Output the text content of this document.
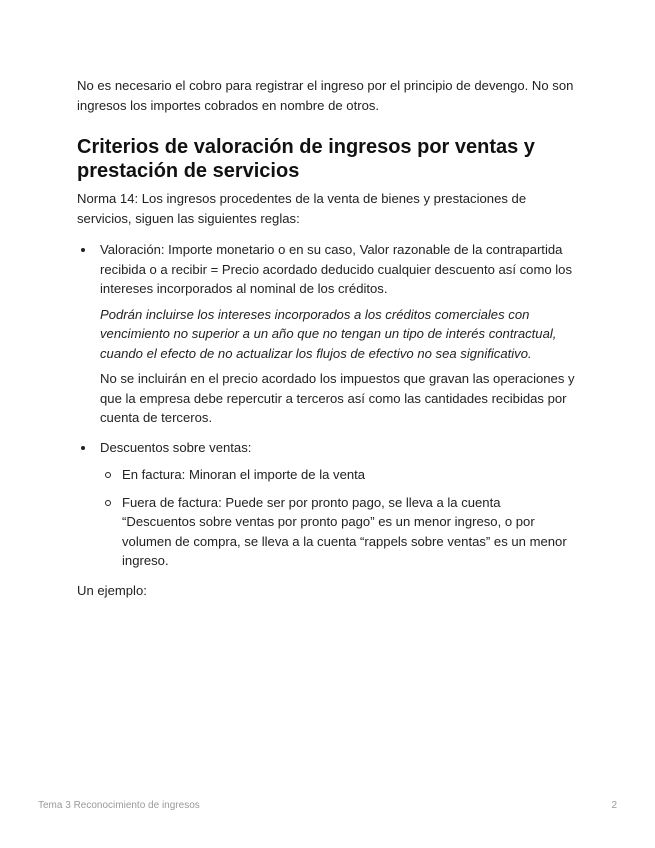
No es necesario el cobro para registrar el ingreso por el principio de devengo. No son ingresos los importes cobrados en nombre de otros.

Criterios de valoración de ingresos por ventas y prestación de servicios

Norma 14: Los ingresos procedentes de la venta de bienes y prestaciones de servicios, siguen las siguientes reglas:

Valoración: Importe monetario o en su caso, Valor razonable de la contrapartida recibida o a recibir = Precio acordado deducido cualquier descuento así como los intereses incorporados al nominal de los créditos.

Podrán incluirse los intereses incorporados a los créditos comerciales con vencimiento no superior a un año que no tengan un tipo de interés contractual, cuando el efecto de no actualizar los flujos de efectivo no sea significativo.

No se incluirán en el precio acordado los impuestos que gravan las operaciones y que la empresa debe repercutir a terceros así como las cantidades recibidas por cuenta de terceros.

Descuentos sobre ventas:

En factura: Minoran el importe de la venta

Fuera de factura: Puede ser por pronto pago, se lleva a la cuenta “Descuentos sobre ventas por pronto pago” es un menor ingreso, o por volumen de compra, se lleva a la cuenta “rappels sobre ventas” es un menor ingreso.

Un ejemplo:

Tema 3 Reconocimiento de ingresos	2
